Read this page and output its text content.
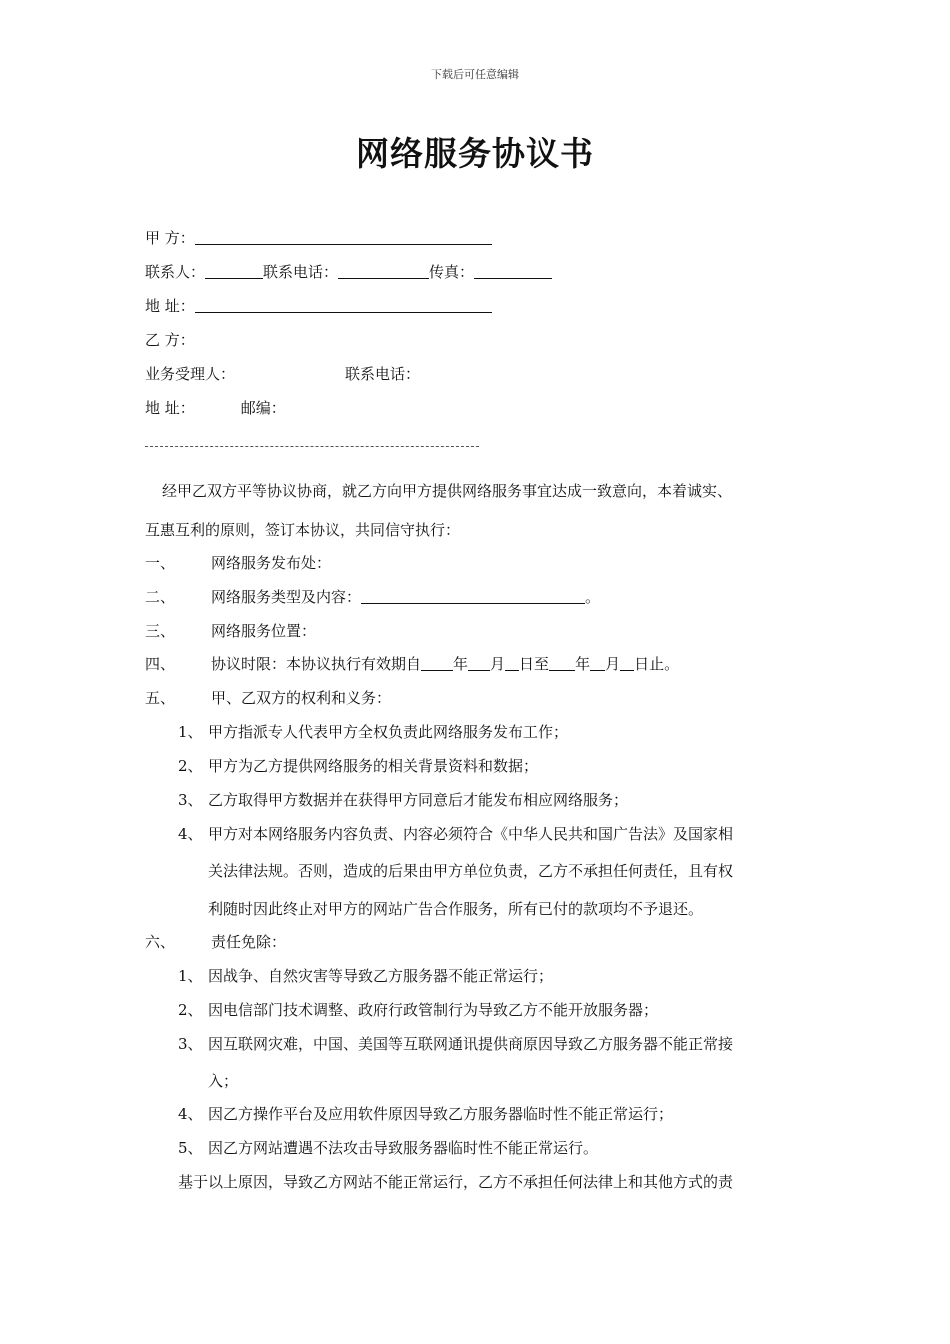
下载后可任意编辑
网络服务协议书
甲 方：
联系人：	联系电话：	传真：
地 址：
乙 方：
业务受理人：	联系电话：
地 址：	邮编：
经甲乙双方平等协议协商，就乙方向甲方提供网络服务事宜达成一致意向，本着诚实、
互惠互利的原则，签订本协议，共同信守执行：
一、 网络服务发布处：
二、 网络服务类型及内容：	。
三、 网络服务位置：
四、 协议时限：本协议执行有效期自 年 月 日至 年 月 日止。
五、 甲、乙双方的权利和义务：
1、 甲方指派专人代表甲方全权负责此网络服务发布工作；
2、 甲方为乙方提供网络服务的相关背景资料和数据；
3、 乙方取得甲方数据并在获得甲方同意后才能发布相应网络服务；
4、 甲方对本网络服务内容负责、内容必须符合《中华人民共和国广告法》及国家相
关法律法规。否则，造成的后果由甲方单位负责，乙方不承担任何责任，且有权
利随时因此终止对甲方的网站广告合作服务，所有已付的款项均不予退还。
六、 责任免除：
1、 因战争、自然灾害等导致乙方服务器不能正常运行；
2、 因电信部门技术调整、政府行政管制行为导致乙方不能开放服务器；
3、 因互联网灾难，中国、美国等互联网通讯提供商原因导致乙方服务器不能正常接
入；
4、 因乙方操作平台及应用软件原因导致乙方服务器临时性不能正常运行；
5、 因乙方网站遭遇不法攻击导致服务器临时性不能正常运行。
基于以上原因，导致乙方网站不能正常运行，乙方不承担任何法律上和其他方式的责
